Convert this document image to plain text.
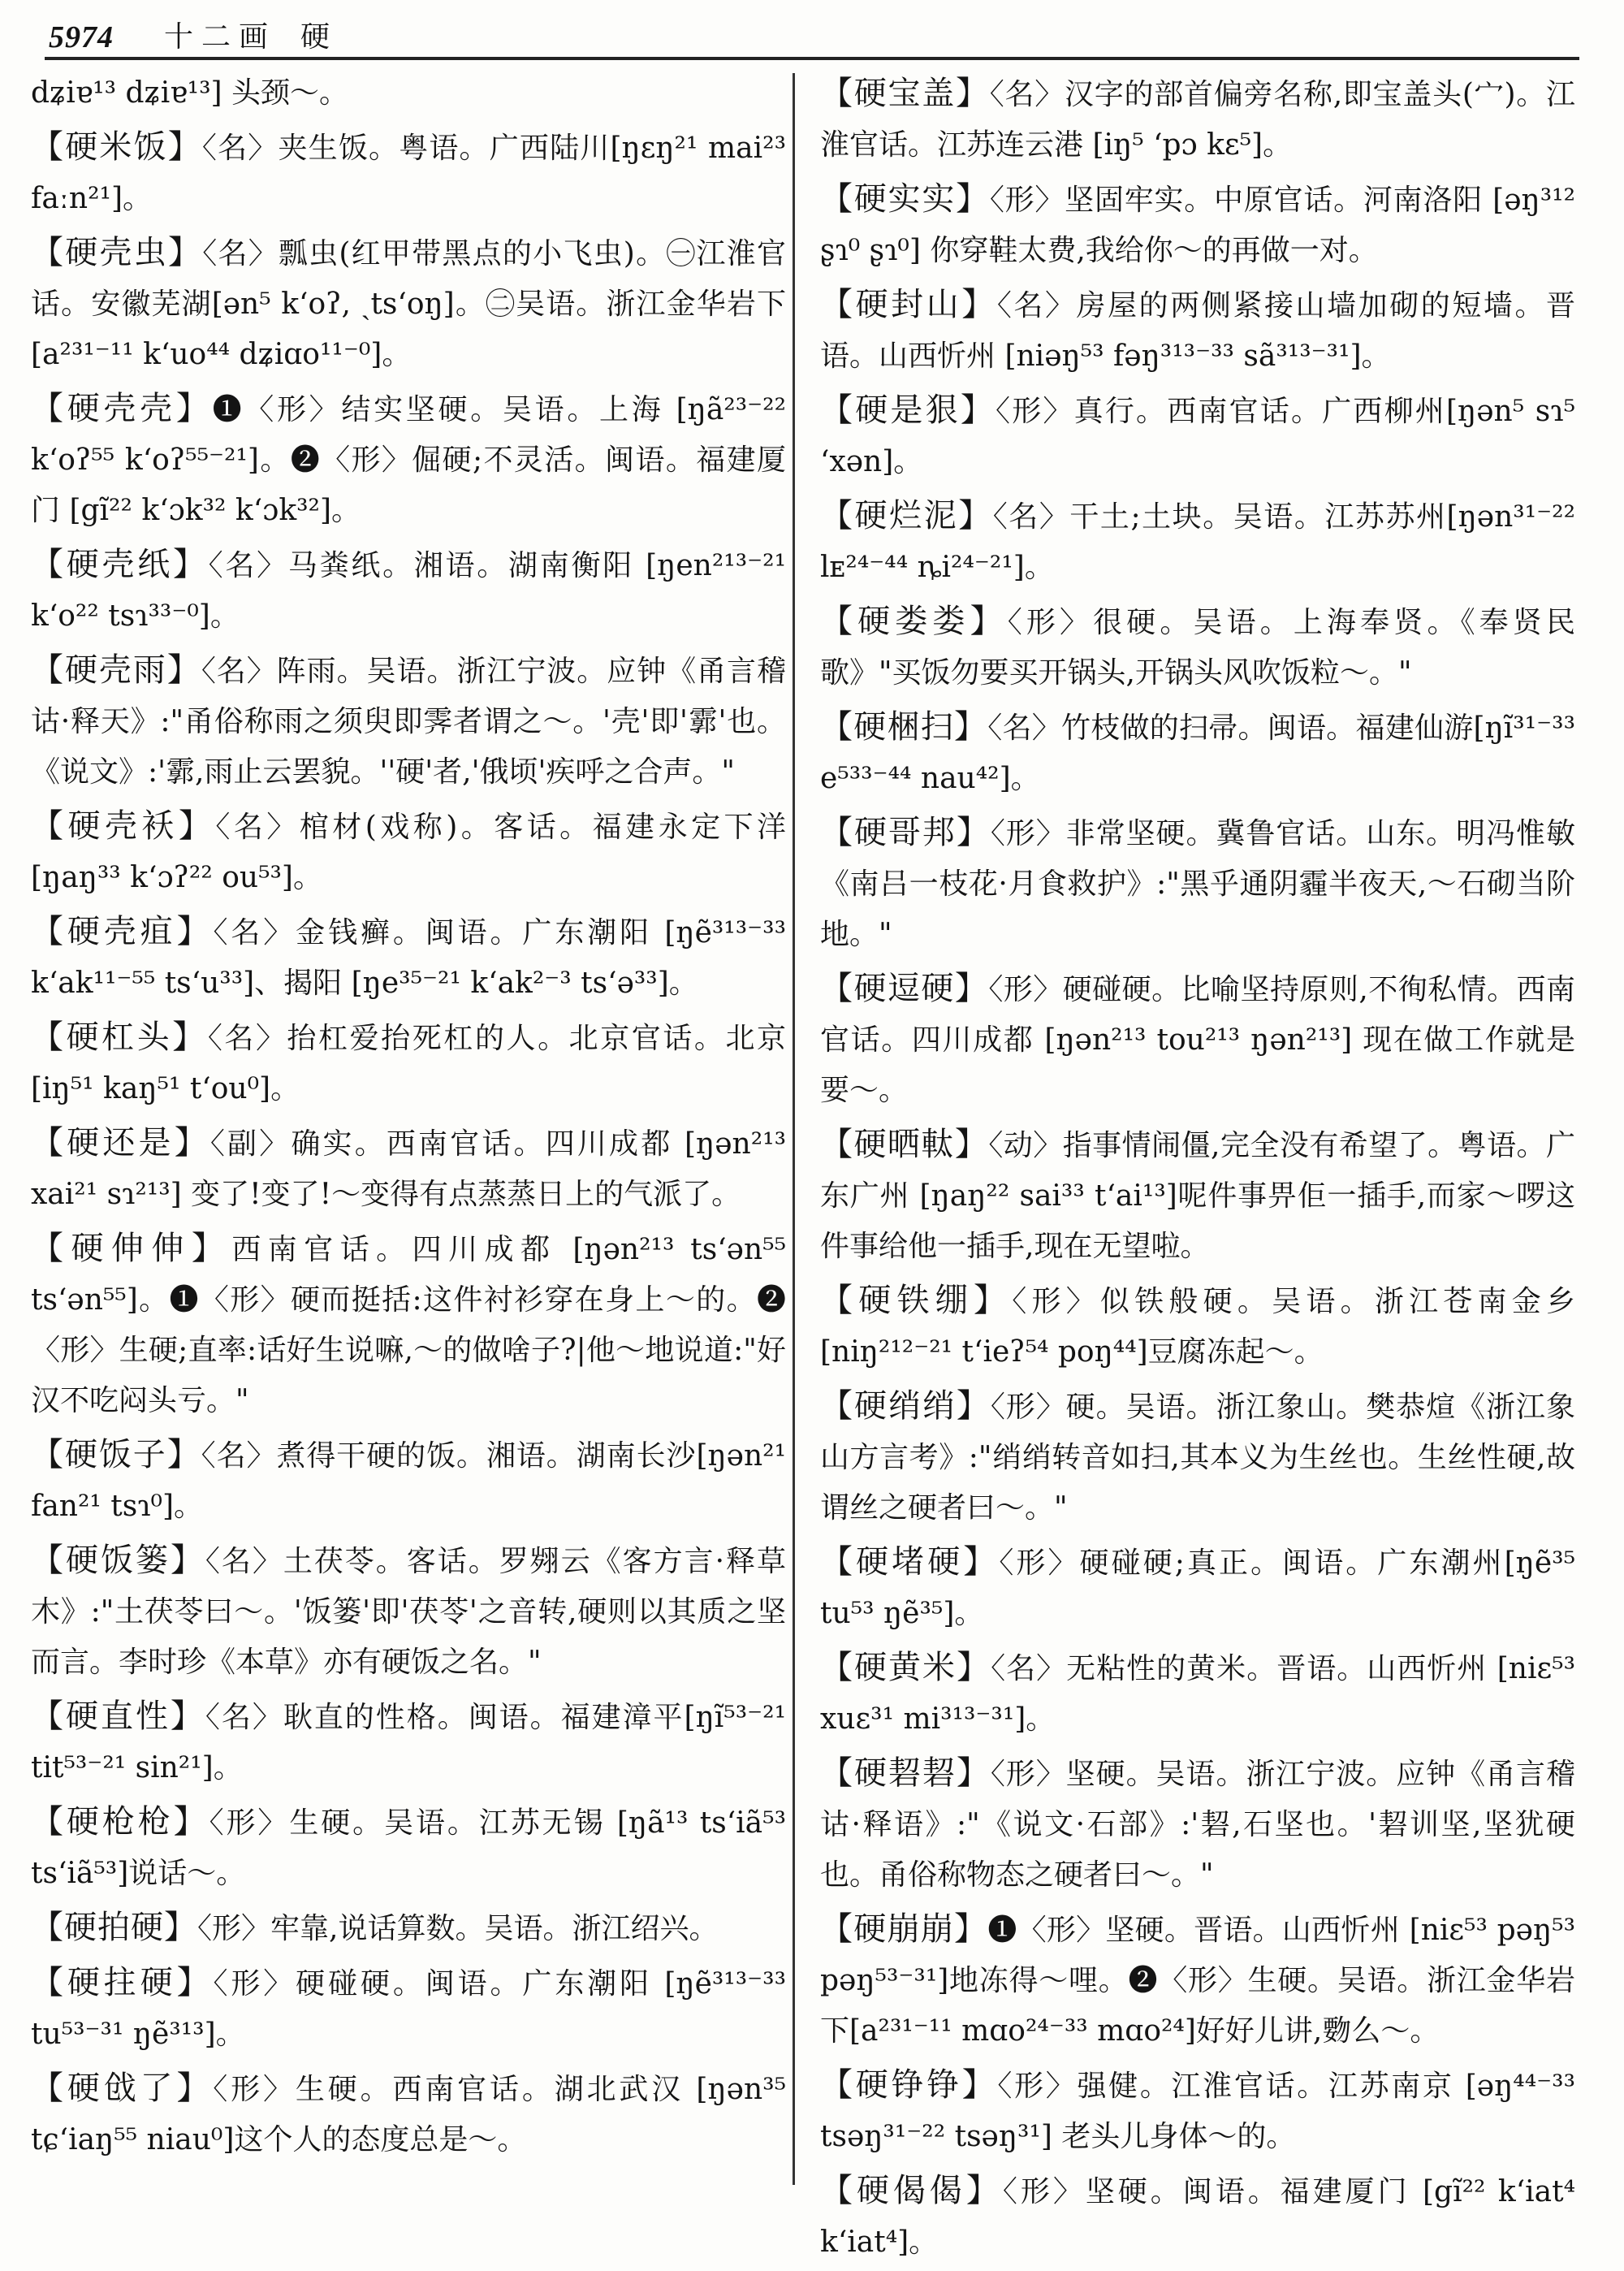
5974 十二画 硬
dʑiɐ¹³ dʑiɐ¹³] 头颈～。
【 硬米饭 】 〈名〉夹生饭。粤语。广西陆川[ŋɛŋ²¹ mai²³ faːn²¹]。
【 硬壳虫 】 〈名〉瓢虫(红甲带黑点的小飞虫)。㊀江淮官话。安徽芜湖[ən⁵ kʻoʔ, ˏtsʻoŋ]。㊁吴语。浙江金华岩下 [a²³¹⁻¹¹ kʻuo⁴⁴ dʑiɑo¹¹⁻⁰]。
【 硬壳壳 】 ❶〈形〉结实坚硬。吴语。上海 [ŋã²³⁻²² kʻoʔ⁵⁵ kʻoʔ⁵⁵⁻²¹]。❷〈形〉倔硬;不灵活。闽语。福建厦门 [gĩ²² kʻɔk³² kʻɔk³²]。
【 硬壳纸 】 〈名〉马粪纸。湘语。湖南衡阳 [ŋen²¹³⁻²¹ kʻo²² tsɿ³³⁻⁰]。
【 硬壳雨 】 〈名〉阵雨。吴语。浙江宁波。应钟《甬言稽诂·释天》:"甬俗称雨之须臾即霁者谓之～。'壳'即'霩'也。《说文》:'霩,雨止云罢貌。''硬'者,'俄顷'疾呼之合声。"
【 硬壳袄 】 〈名〉棺材(戏称)。客话。福建永定下洋 [ŋaŋ³³ kʻɔʔ²² ou⁵³]。
【 硬壳疽 】 〈名〉金钱癣。闽语。广东潮阳 [ŋẽ³¹³⁻³³ kʻak¹¹⁻⁵⁵ tsʻu³³]、揭阳 [ŋe³⁵⁻²¹ kʻak²⁻³ tsʻə³³]。
【 硬杠头 】 〈名〉抬杠爱抬死杠的人。北京官话。北京 [iŋ⁵¹ kaŋ⁵¹ tʻou⁰]。
【 硬还是 】 〈副〉确实。西南官话。四川成都 [ŋən²¹³ xai²¹ sɿ²¹³] 变了!变了!～变得有点蒸蒸日上的气派了。
【 硬伸伸 】 西南官话。四川成都 [ŋən²¹³ tsʻən⁵⁵ tsʻən⁵⁵]。❶〈形〉硬而挺括:这件衬衫穿在身上～的。❷〈形〉生硬;直率:话好生说嘛,～的做啥子?|他～地说道:"好汉不吃闷头亏。"
【 硬饭子 】 〈名〉煮得干硬的饭。湘语。湖南长沙[ŋən²¹ fan²¹ tsɿ⁰]。
【 硬饭篓 】 〈名〉土茯苓。客话。罗翙云《客方言·释草木》:"土茯苓曰～。'饭篓'即'茯苓'之音转,硬则以其质之坚而言。李时珍《本草》亦有硬饭之名。"
【 硬直性 】 〈名〉耿直的性格。闽语。福建漳平[ŋĩ⁵³⁻²¹ tit⁵³⁻²¹ sin²¹]。
【 硬枪枪 】 〈形〉生硬。吴语。江苏无锡 [ŋã¹³ tsʻiã⁵³ tsʻiã⁵³]说话～。
【 硬拍硬 】 〈形〉牢靠,说话算数。吴语。浙江绍兴。
【 硬拄硬 】 〈形〉硬碰硬。闽语。广东潮阳 [ŋẽ³¹³⁻³³ tu⁵³⁻³¹ ŋẽ³¹³]。
【 硬戗了 】 〈形〉生硬。西南官话。湖北武汉 [ŋən³⁵ tɕʻiaŋ⁵⁵ niau⁰]这个人的态度总是～。
【 硬宝盖 】 〈名〉汉字的部首偏旁名称,即宝盖头(宀)。江淮官话。江苏连云港 [iŋ⁵ ʻpɔ kɛ⁵]。
【 硬实实 】 〈形〉坚固牢实。中原官话。河南洛阳 [əŋ³¹² ʂɿ⁰ ʂɿ⁰] 你穿鞋太费,我给你～的再做一对。
【 硬封山 】 〈名〉房屋的两侧紧接山墙加砌的短墙。晋语。山西忻州 [niəŋ⁵³ fəŋ³¹³⁻³³ sã³¹³⁻³¹]。
【 硬是狠 】 〈形〉真行。西南官话。广西柳州[ŋən⁵ sɿ⁵ ʻxən]。
【 硬烂泥 】 〈名〉干土;土块。吴语。江苏苏州[ŋən³¹⁻²² lᴇ²⁴⁻⁴⁴ ȵi²⁴⁻²¹]。
【 硬娄娄 】 〈形〉很硬。吴语。上海奉贤。《奉贤民歌》"买饭勿要买开锅头,开锅头风吹饭粒～。"
【 硬梱扫 】 〈名〉竹枝做的扫帚。闽语。福建仙游[ŋĩ³¹⁻³³ e⁵³³⁻⁴⁴ nau⁴²]。
【 硬哥邦 】 〈形〉非常坚硬。冀鲁官话。山东。明冯惟敏《南吕一枝花·月食救护》:"黑乎通阴霾半夜天,～石砌当阶地。"
【 硬逗硬 】 〈形〉硬碰硬。比喻坚持原则,不徇私情。西南官话。四川成都 [ŋən²¹³ tou²¹³ ŋən²¹³] 现在做工作就是要～。
【 硬晒軚 】 〈动〉指事情闹僵,完全没有希望了。粤语。广东广州 [ŋaŋ²² sai³³ tʻai¹³]呢件事畀佢一插手,而家～啰这件事给他一插手,现在无望啦。
【 硬铁绷 】 〈形〉似铁般硬。吴语。浙江苍南金乡[niŋ²¹²⁻²¹ tʻieʔ⁵⁴ poŋ⁴⁴]豆腐冻起～。
【 硬绡绡 】 〈形〉硬。吴语。浙江象山。樊恭煊《浙江象山方言考》:"绡绡转音如扫,其本义为生丝也。生丝性硬,故谓丝之硬者曰～。"
【 硬堵硬 】 〈形〉硬碰硬;真正。闽语。广东潮州[ŋẽ³⁵ tu⁵³ ŋẽ³⁵]。
【 硬黄米 】 〈名〉无粘性的黄米。晋语。山西忻州 [niɛ⁵³ xuɛ³¹ mi³¹³⁻³¹]。
【 硬䂮䂮 】 〈形〉坚硬。吴语。浙江宁波。应钟《甬言稽诂·释语》:"《说文·石部》:'䂮,石坚也。'䂮训坚,坚犹硬也。甬俗称物态之硬者曰～。"
【 硬崩崩 】 ❶〈形〉坚硬。晋语。山西忻州 [niɛ⁵³ pəŋ⁵³ pəŋ⁵³⁻³¹]地冻得～哩。❷〈形〉生硬。吴语。浙江金华岩下[a²³¹⁻¹¹ mɑo²⁴⁻³³ mɑo²⁴]好好儿讲,覅么～。
【 硬铮铮 】 〈形〉强健。江淮官话。江苏南京 [əŋ⁴⁴⁻³³ tsəŋ³¹⁻²² tsəŋ³¹] 老头儿身体～的。
【 硬偈偈 】 〈形〉坚硬。闽语。福建厦门 [gĩ²² kʻiat⁴ kʻiat⁴]。
